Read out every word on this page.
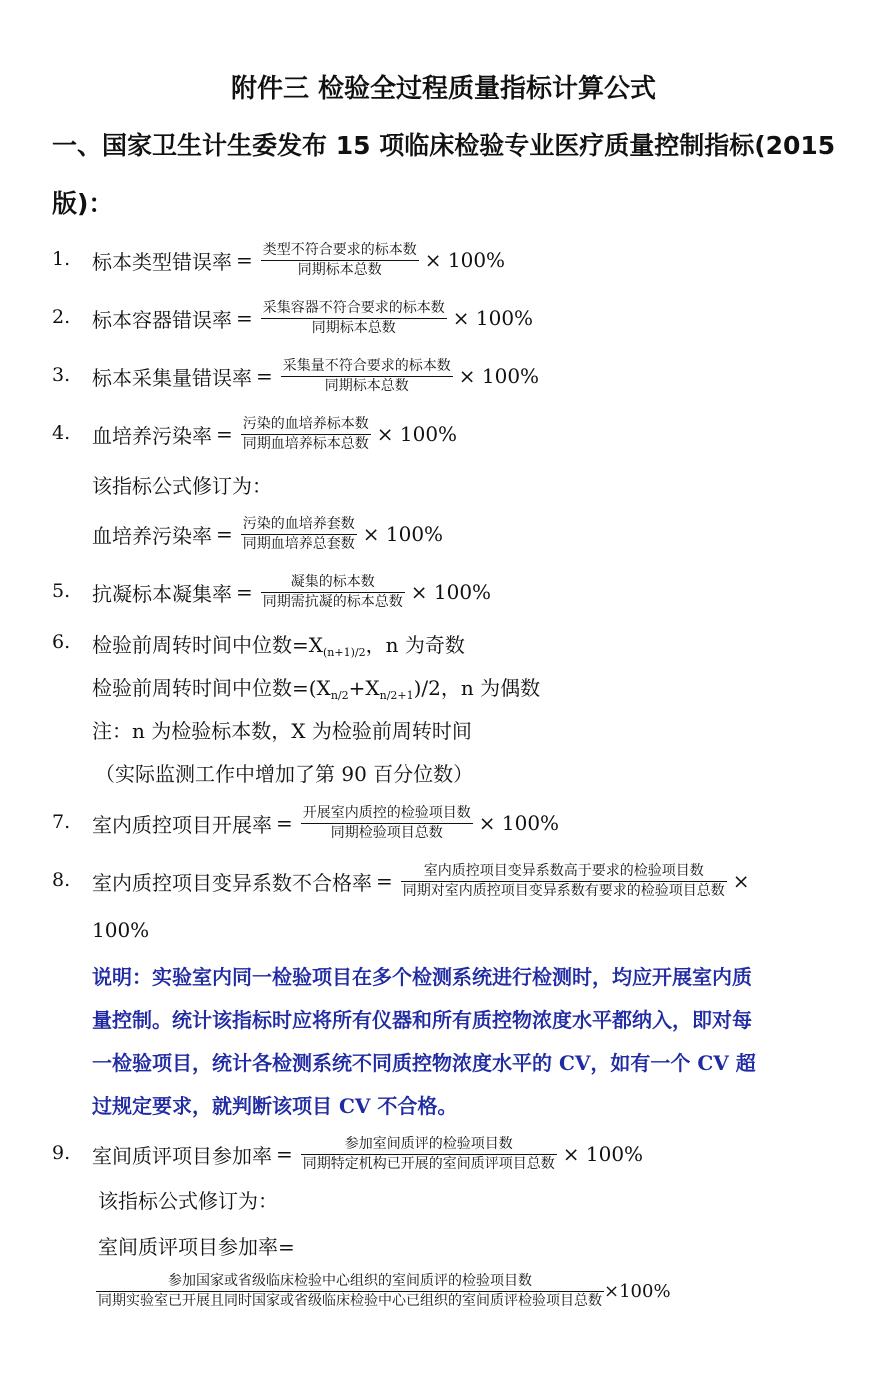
附件三 检验全过程质量指标计算公式
一、国家卫生计生委发布 15 项临床检验专业医疗质量控制指标(2015
版)：
1. 标本类型错误率 = $\frac{\text{类型不符合要求的标本数}}{\text{同期标本总数}} \times 100\%$
2. 标本容器错误率 = $\frac{\text{采集容器不符合要求的标本数}}{\text{同期标本总数}} \times 100\%$
3. 标本采集量错误率 = $\frac{\text{采集量不符合要求的标本数}}{\text{同期标本总数}} \times 100\%$
4. 血培养污染率 = $\frac{\text{污染的血培养标本数}}{\text{同期血培养标本总数}} \times 100\%$
该指标公式修订为：
血培养污染率 = $\frac{\text{污染的血培养套数}}{\text{同期血培养总套数}} \times 100\%$
5. 抗凝标本凝集率 = $\frac{\text{凝集的标本数}}{\text{同期需抗凝的标本总数}} \times 100\%$
6. 检验前周转时间中位数$=X_{(n+1)/2}$，n 为奇数
检验前周转时间中位数$=(X_{n/2}+X_{n/2+1})/2$，n 为偶数
注：n 为检验标本数，X 为检验前周转时间
（实际监测工作中增加了第 90 百分位数）
7. 室内质控项目开展率 = $\frac{\text{开展室内质控的检验项目数}}{\text{同期检验项目总数}} \times 100\%$
8. 室内质控项目变异系数不合格率 = $\frac{\text{室内质控项目变异系数高于要求的检验项目数}}{\text{同期对室内质控项目变异系数有要求的检验项目总数}}$ ×
100%
说明：实验室内同一检验项目在多个检测系统进行检测时，均应开展室内质
量控制。统计该指标时应将所有仪器和所有质控物浓度水平都纳入，即对每
一检验项目，统计各检测系统不同质控物浓度水平的 CV，如有一个 CV 超
过规定要求，就判断该项目 CV 不合格。
9. 室间质评项目参加率 = $\frac{\text{参加室间质评的检验项目数}}{\text{同期特定机构已开展的室间质评项目总数}} \times 100\%$
该指标公式修订为：
室间质评项目参加率=
$\frac{\text{参加国家或省级临床检验中心组织的室间质评的检验项目数}}{\text{同期实验室已开展且同时国家或省级临床检验中心已组织的室间质评检验项目总数}} \times 100\%$
